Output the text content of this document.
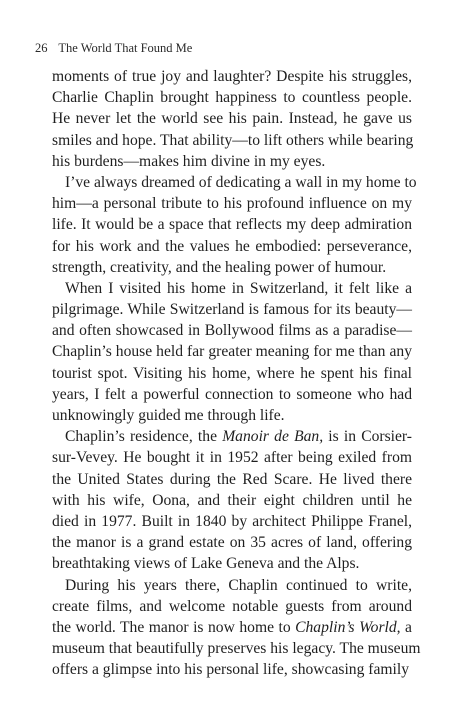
26 The World That Found Me
moments of true joy and laughter? Despite his struggles,
Charlie Chaplin brought happiness to countless people.
He never let the world see his pain. Instead, he gave us
smiles and hope. That ability—to lift others while bearing
his burdens—makes him divine in my eyes.
I’ve always dreamed of dedicating a wall in my home to
him—a personal tribute to his profound influence on my
life. It would be a space that reflects my deep admiration
for his work and the values he embodied: perseverance,
strength, creativity, and the healing power of humour.
When I visited his home in Switzerland, it felt like a
pilgrimage. While Switzerland is famous for its beauty—
and often showcased in Bollywood films as a paradise—
Chaplin’s house held far greater meaning for me than any
tourist spot. Visiting his home, where he spent his final
years, I felt a powerful connection to someone who had
unknowingly guided me through life.
Chaplin’s residence, the Manoir de Ban, is in Corsier-
sur-Vevey. He bought it in 1952 after being exiled from
the United States during the Red Scare. He lived there
with his wife, Oona, and their eight children until he
died in 1977. Built in 1840 by architect Philippe Franel,
the manor is a grand estate on 35 acres of land, offering
breathtaking views of Lake Geneva and the Alps.
During his years there, Chaplin continued to write,
create films, and welcome notable guests from around
the world. The manor is now home to Chaplin’s World, a
museum that beautifully preserves his legacy. The museum
offers a glimpse into his personal life, showcasing family
